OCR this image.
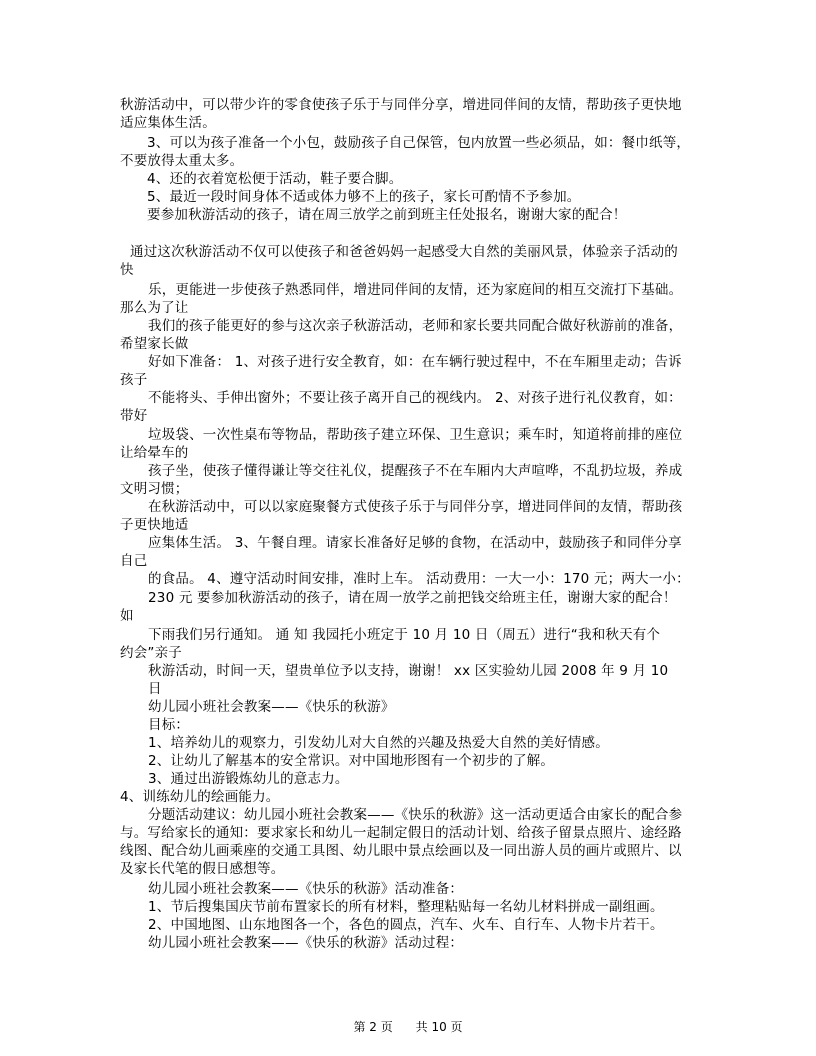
秋游活动中，可以带少许的零食使孩子乐于与同伴分享，增进同伴间的友情，帮助孩子更快地
适应集体生活。
3、可以为孩子准备一个小包，鼓励孩子自己保管，包内放置一些必须品，如：餐巾纸等，
不要放得太重太多。
4、还的衣着宽松便于活动，鞋子要合脚。
5、最近一段时间身体不适或体力够不上的孩子，家长可酌情不予参加。
要参加秋游活动的孩子，请在周三放学之前到班主任处报名，谢谢大家的配合！
通过这次秋游活动不仅可以使孩子和爸爸妈妈一起感受大自然的美丽风景，体验亲子活动的
快
乐，更能进一步使孩子熟悉同伴，增进同伴间的友情，还为家庭间的相互交流打下基础。
那么为了让
我们的孩子能更好的参与这次亲子秋游活动，老师和家长要共同配合做好秋游前的准备，
希望家长做
好如下准备： 1、对孩子进行安全教育，如：在车辆行驶过程中，不在车厢里走动；告诉
孩子
不能将头、手伸出窗外；不要让孩子离开自己的视线内。 2、对孩子进行礼仪教育，如：
带好
垃圾袋、一次性桌布等物品，帮助孩子建立环保、卫生意识；乘车时，知道将前排的座位
让给晕车的
孩子坐，使孩子懂得谦让等交往礼仪，提醒孩子不在车厢内大声喧哗，不乱扔垃圾，养成
文明习惯；
在秋游活动中，可以以家庭聚餐方式使孩子乐于与同伴分享，增进同伴间的友情，帮助孩
子更快地适
应集体生活。 3、午餐自理。请家长准备好足够的食物，在活动中，鼓励孩子和同伴分享
自己
的食品。 4、遵守活动时间安排，准时上车。 活动费用：一大一小：170 元；两大一小：
230 元 要参加秋游活动的孩子，请在周一放学之前把钱交给班主任，谢谢大家的配合！
如
下雨我们另行通知。 通 知 我园托小班定于 10 月 10 日（周五）进行“我和秋天有个
约会”亲子
秋游活动，时间一天，望贵单位予以支持，谢谢！ xx 区实验幼儿园 2008 年 9 月 10
日
幼儿园小班社会教案——《快乐的秋游》
目标：
1、培养幼儿的观察力，引发幼儿对大自然的兴趣及热爱大自然的美好情感。
2、让幼儿了解基本的安全常识。对中国地形图有一个初步的了解。
3、通过出游锻炼幼儿的意志力。
4、训练幼儿的绘画能力。
分题活动建议：幼儿园小班社会教案——《快乐的秋游》这一活动更适合由家长的配合参
与。写给家长的通知：要求家长和幼儿一起制定假日的活动计划、给孩子留景点照片、途经路
线图、配合幼儿画乘座的交通工具图、幼儿眼中景点绘画以及一同出游人员的画片或照片、以
及家长代笔的假日感想等。
幼儿园小班社会教案——《快乐的秋游》活动准备：
1、节后搜集国庆节前布置家长的所有材料，整理粘贴每一名幼儿材料拼成一副组画。
2、中国地图、山东地图各一个，各色的圆点，汽车、火车、自行车、人物卡片若干。
幼儿园小班社会教案——《快乐的秋游》活动过程：
第 2 页 共 10 页
